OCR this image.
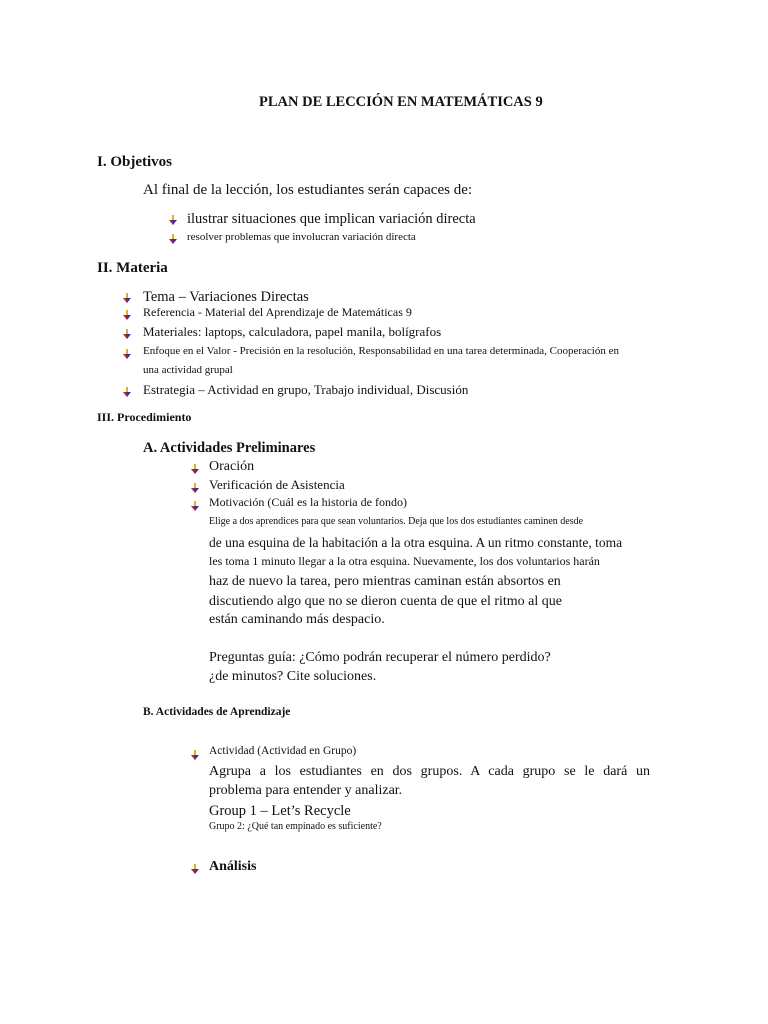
PLAN DE LECCIÓN EN MATEMÁTICAS 9
I. Objetivos
Al final de la lección, los estudiantes serán capaces de:
ilustrar situaciones que implican variación directa
resolver problemas que involucran variación directa
II. Materia
Tema – Variaciones Directas
Referencia - Material del Aprendizaje de Matemáticas 9
Materiales: laptops, calculadora, papel manila, bolígrafos
Enfoque en el Valor - Precisión en la resolución, Responsabilidad en una tarea determinada, Cooperación en
una actividad grupal
Estrategia – Actividad en grupo, Trabajo individual, Discusión
III. Procedimiento
A. Actividades Preliminares
Oración
Verificación de Asistencia
Motivación (Cuál es la historia de fondo)
Elige a dos aprendices para que sean voluntarios. Deja que los dos estudiantes caminen desde
de una esquina de la habitación a la otra esquina. A un ritmo constante, toma
les toma 1 minuto llegar a la otra esquina. Nuevamente, los dos voluntarios harán
haz de nuevo la tarea, pero mientras caminan están absortos en
discutiendo algo que no se dieron cuenta de que el ritmo al que
están caminando más despacio.
Preguntas guía: ¿Cómo podrán recuperar el número perdido?
¿de minutos? Cite soluciones.
B. Actividades de Aprendizaje
Actividad (Actividad en Grupo)
Agrupa a los estudiantes en dos grupos. A cada grupo se le dará un
problema para entender y analizar.
Group 1 – Let’s Recycle
Grupo 2: ¿Qué tan empinado es suficiente?
Análisis
